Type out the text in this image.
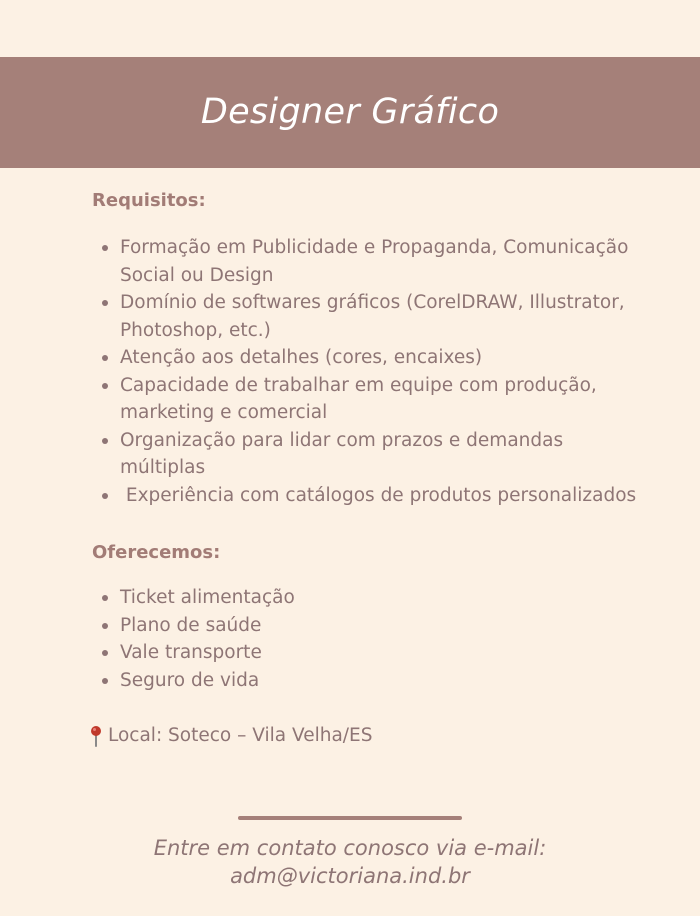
Designer Gráfico
Requisitos:
Formação em Publicidade e Propaganda, Comunicação Social ou Design
Domínio de softwares gráficos (CorelDRAW, Illustrator, Photoshop, etc.)
Atenção aos detalhes (cores, encaixes)
Capacidade de trabalhar em equipe com produção, marketing e comercial
Organização para lidar com prazos e demandas múltiplas
Experiência com catálogos de produtos personalizados
Oferecemos:
Ticket alimentação
Plano de saúde
Vale transporte
Seguro de vida
Local: Soteco – Vila Velha/ES
Entre em contato conosco via e-mail:
adm@victoriana.ind.br
